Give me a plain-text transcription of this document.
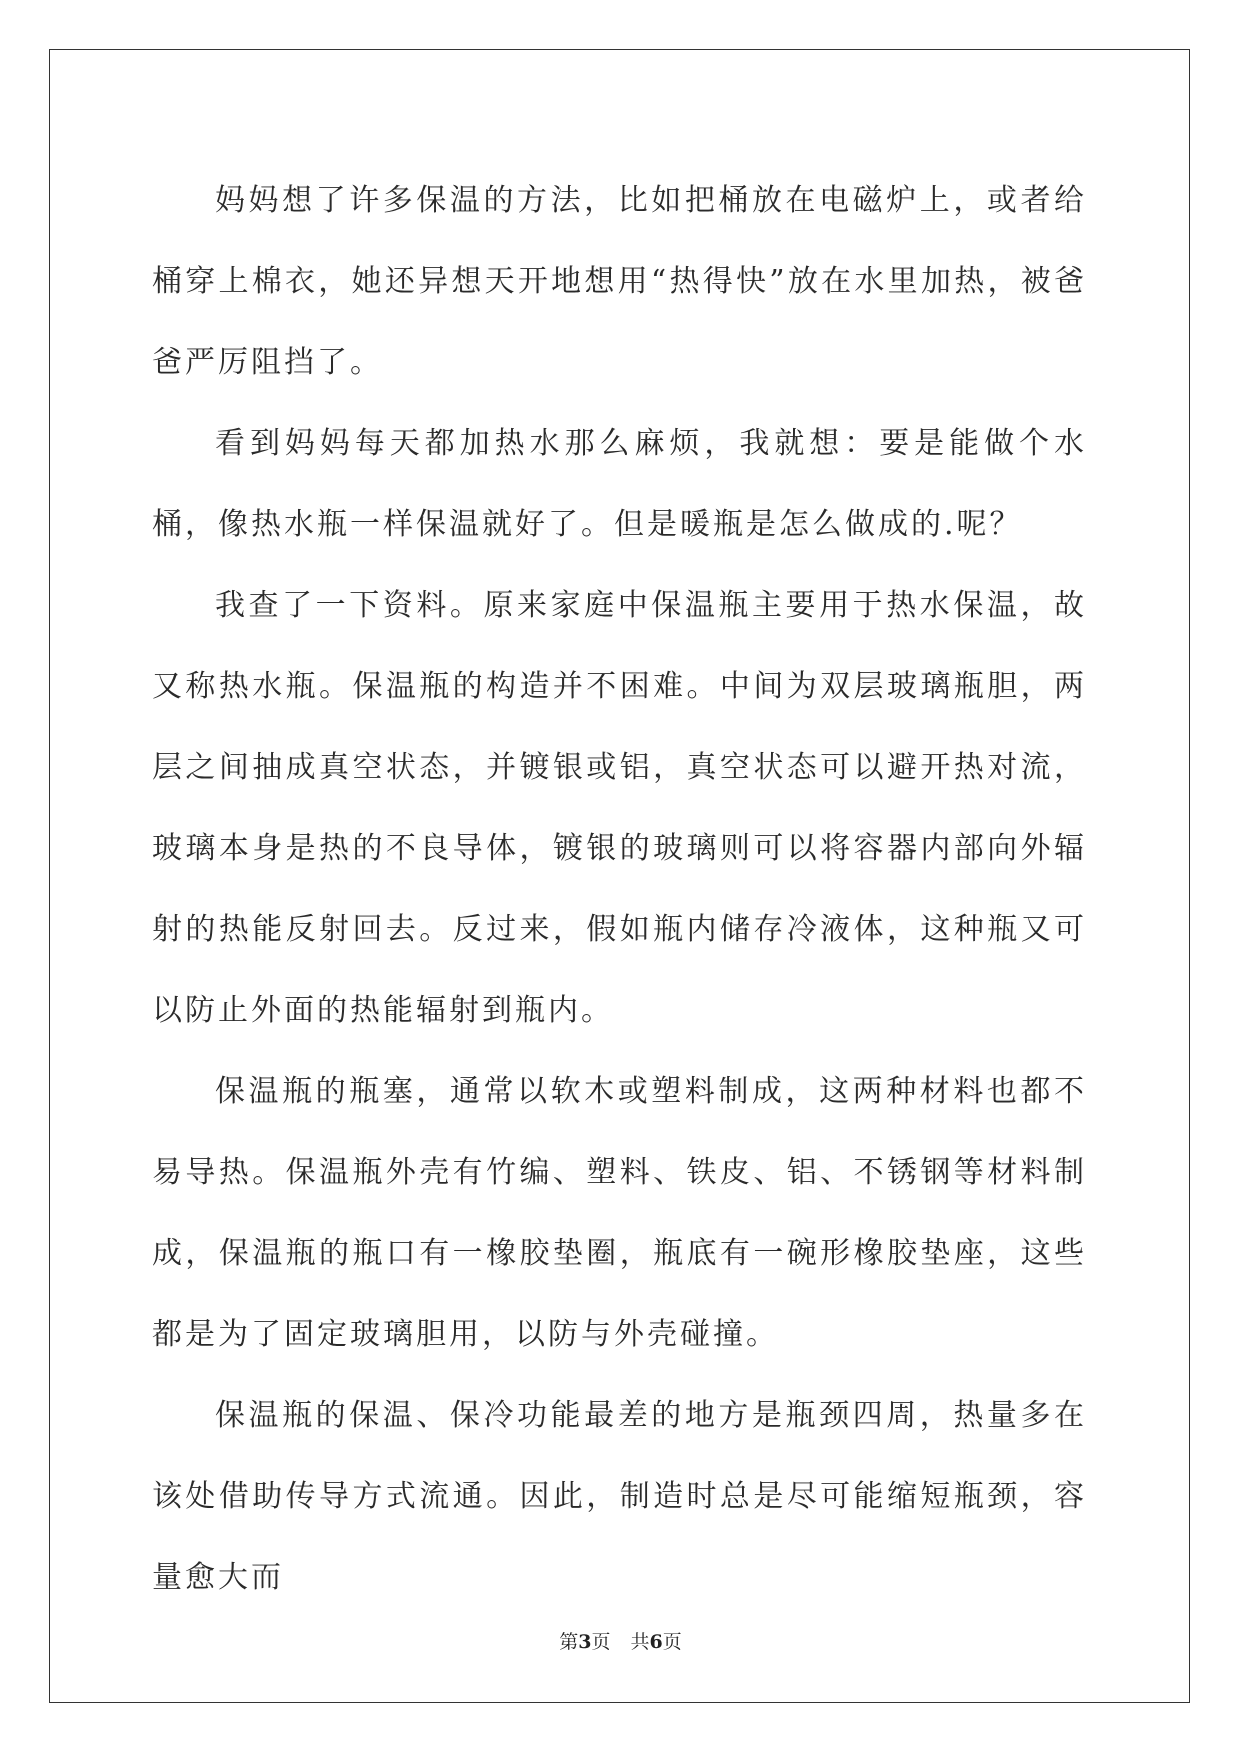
妈妈想了许多保温的方法，比如把桶放在电磁炉上，或者给桶穿上棉衣，她还异想天开地想用“热得快”放在水里加热，被爸爸严厉阻挡了。

看到妈妈每天都加热水那么麻烦，我就想：要是能做个水桶，像热水瓶一样保温就好了。但是暖瓶是怎么做成的.呢？

我查了一下资料。原来家庭中保温瓶主要用于热水保温，故又称热水瓶。保温瓶的构造并不困难。中间为双层玻璃瓶胆，两层之间抽成真空状态，并镀银或铝，真空状态可以避开热对流，玻璃本身是热的不良导体，镀银的玻璃则可以将容器内部向外辐射的热能反射回去。反过来，假如瓶内储存冷液体，这种瓶又可以防止外面的热能辐射到瓶内。

保温瓶的瓶塞，通常以软木或塑料制成，这两种材料也都不易导热。保温瓶外壳有竹编、塑料、铁皮、铝、不锈钢等材料制成，保温瓶的瓶口有一橡胶垫圈，瓶底有一碗形橡胶垫座，这些都是为了固定玻璃胆用，以防与外壳碰撞。

保温瓶的保温、保冷功能最差的地方是瓶颈四周，热量多在该处借助传导方式流通。因此，制造时总是尽可能缩短瓶颈，容量愈大而

第3页 共6页
